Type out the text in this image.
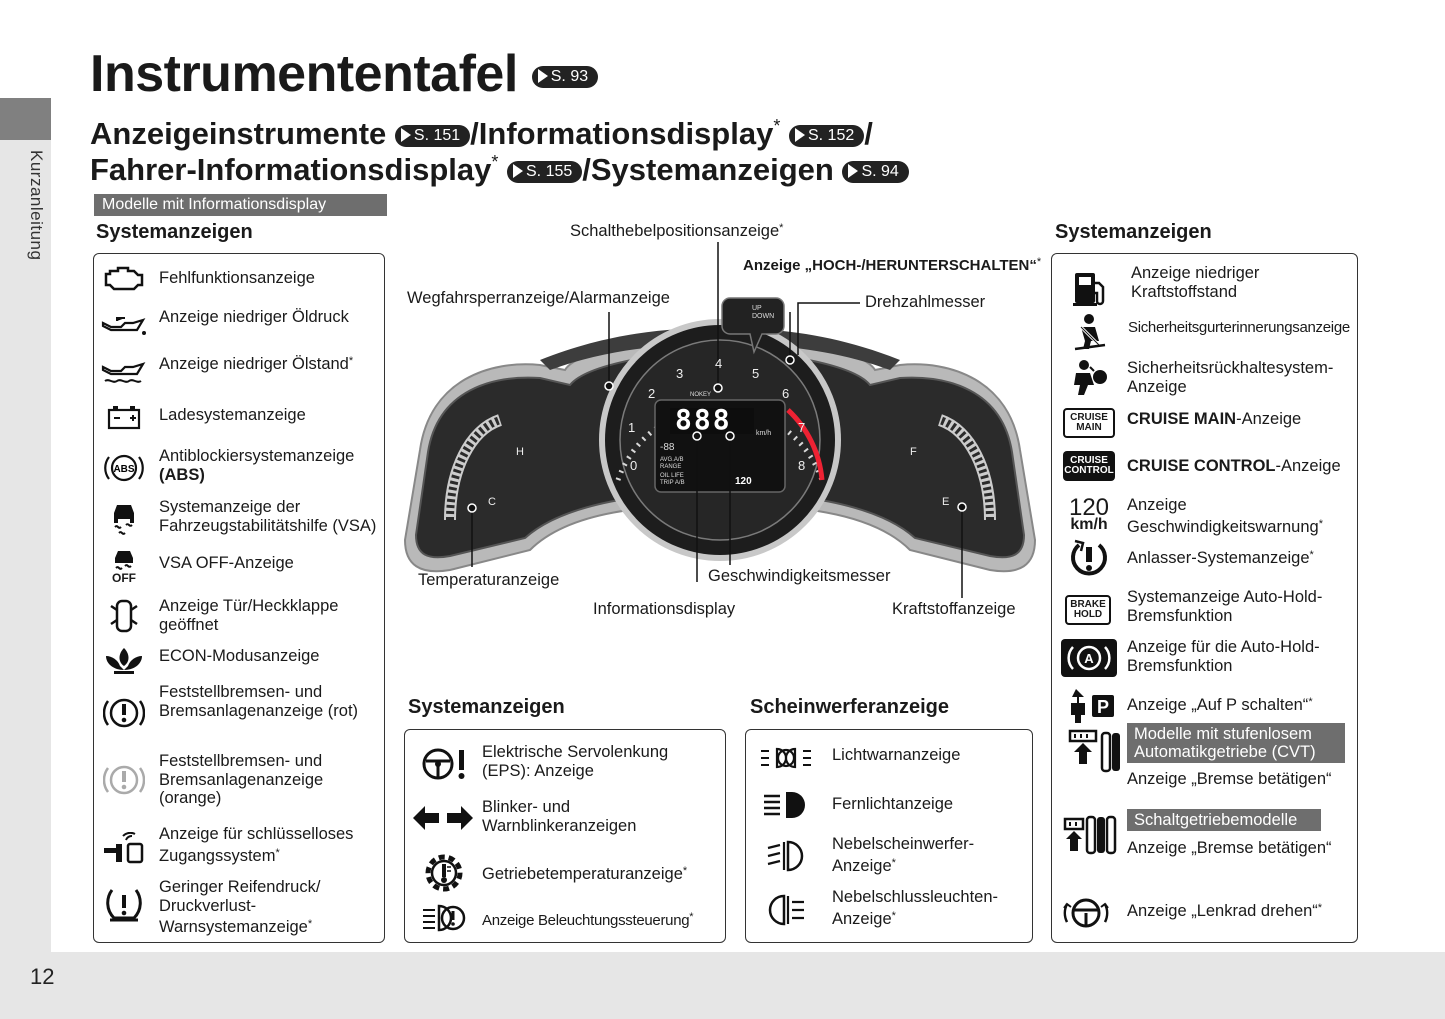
Kurzanleitung
12
Instrumententafel S. 93
Anzeigeinstrumente S. 151 /Informationsdisplay* S. 152 /
Fahrer-Informationsdisplay* S. 155 /Systemanzeigen S. 94
Modelle mit Informationsdisplay
Systemanzeigen
Fehlfunktionsanzeige
Anzeige niedriger Öldruck
Anzeige niedriger Ölstand*
Ladesystemanzeige
ABS
Antiblockiersystemanzeige
(ABS)
Systemanzeige der Fahrzeugstabilitätshilfe (VSA)
OFF
VSA OFF-Anzeige
Anzeige Tür/Heckklappe geöffnet
ECON-Modusanzeige
Feststellbremsen- und Bremsanlagenanzeige (rot)
Feststellbremsen- und Bremsanlagenanzeige (orange)
Anzeige für schlüsselloses Zugangssystem*
Geringer Reifendruck/ Druckverlust- Warnsystemanzeige*
0
1
2
3
4
5
6
7
8
888	km/h
-88
AVG.A/B
RANGE
OIL LIFE
TRIP A/B	120
NOKEY
UP
DOWN
H
C
F
E
Schalthebelpositionsanzeige*
Anzeige „HOCH-/HERUNTERSCHALTEN“*
Wegfahrsperranzeige/Alarmanzeige	Drehzahlmesser
Temperaturanzeige	Geschwindigkeitsmesser
Informationsdisplay	Kraftstoffanzeige
Systemanzeigen
Elektrische Servolenkung (EPS): Anzeige
Blinker- und Warnblinkeranzeigen
Getriebetemperaturanzeige*
Anzeige Beleuchtungssteuerung*
Scheinwerferanzeige
Lichtwarnanzeige
Fernlichtanzeige
Nebelscheinwerfer- Anzeige*
Nebelschlussleuchten- Anzeige*
Systemanzeigen
Anzeige niedriger Kraftstoffstand
Sicherheitsgurterinnerungsanzeige
Sicherheitsrückhaltesystem- Anzeige
CRUISE
MAIN CRUISE MAIN-Anzeige
CRUISE
CONTROL CRUISE CONTROL-Anzeige
120
km/h
Anzeige Geschwindigkeitswarnung*
Anlasser-Systemanzeige*
BRAKE
HOLD
Systemanzeige Auto-Hold- Bremsfunktion
A
Anzeige für die Auto-Hold- Bremsfunktion
P Anzeige „Auf P schalten“*
Modelle mit stufenlosem Automatikgetriebe (CVT)
Anzeige „Bremse betätigen“
Schaltgetriebemodelle
Anzeige „Bremse betätigen“
Anzeige „Lenkrad drehen“*
